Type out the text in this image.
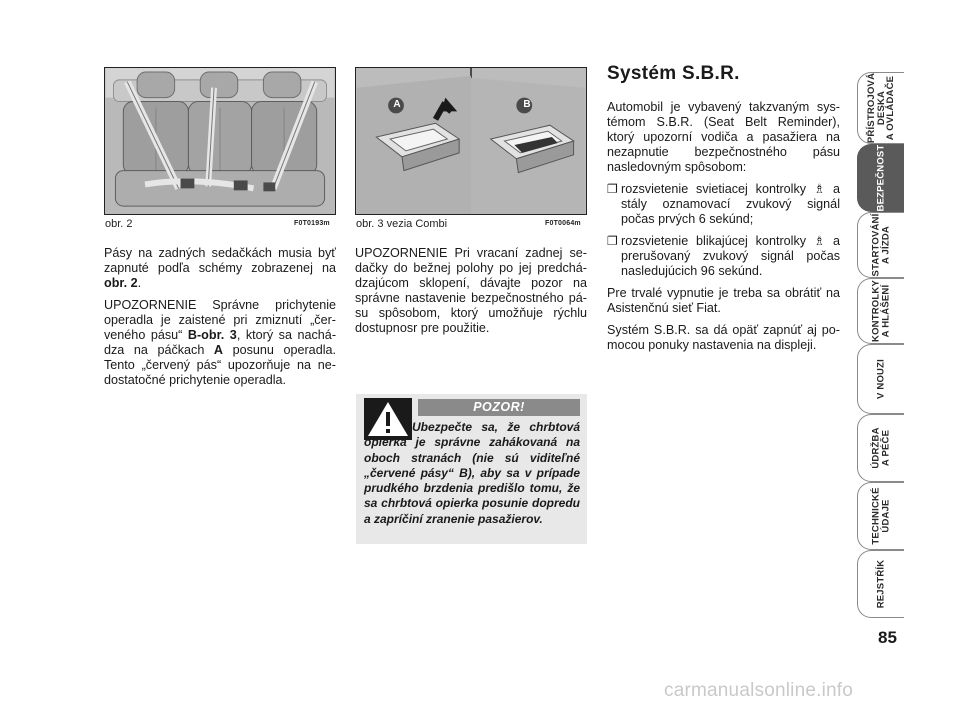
obr. 2	F0T0193m
A	B
obr. 3 vezia Combi	F0T0064m

Pásy na zadných sedačkách musia byť zapnuté podľa schémy zobrazenej na obr. 2.

UPOZORNENIE Správne prichytenie operadla je zaistené pri zmiznutí „červeného pásu“ B-obr. 3, ktorý sa nachádza na páčkach A posunu operadla. Tento „červený pás“ upozorňuje na nedostatočné prichytenie operadla.

UPOZORNENIE Pri vracaní zadnej sedačky do bežnej polohy po jej predchádzajúcom sklopení, dávajte pozor na správne nastavenie bezpečnostného pásu spôsobom, ktorý umožňuje rýchlu dostupnosr pre použitie.

POZOR!
Ubezpečte sa, že chrbtová opierka je správne zahákovaná na oboch stranách (nie sú viditeľné „červené pásy“ B), aby sa v prípade prudkého brzdenia predišlo tomu, že sa chrbtová opierka posunie dopredu a zapríčiní zranenie pasažierov.
Systém S.B.R.

Automobil je vybavený takzvaným systémom S.B.R. (Seat Belt Reminder), ktorý upozorní vodiča a pasažiera na nezapnutie bezpečnostného pásu nasledovným spôsobom:

❐ rozsvietenie svietiacej kontrolky ♗ a stály oznamovací zvukový signál počas prvých 6 sekúnd;
❐ rozsvietenie blikajúcej kontrolky ♗ a prerušovaný zvukový signál počas nasledujúcich 96 sekúnd.

Pre trvalé vypnutie je treba sa obrátiť na Asistenčnú sieť Fiat.

Systém S.B.R. sa dá opäť zapnúť aj pomocou ponuky nastavenia na displeji.

PŘÍSTROJOVÁ
DESKA
A OVLÁDAČE
BEZPEČNOST
STARTOVÁNÍ
A JÍZDA
KONTROLKY
A HLÁŠENÍ
V NOUZI
ÚDRŽBA
A PÉČE
TECHNICKÉ
ÚDAJE
REJSTŘÍK
85
carmanualsonline.info
